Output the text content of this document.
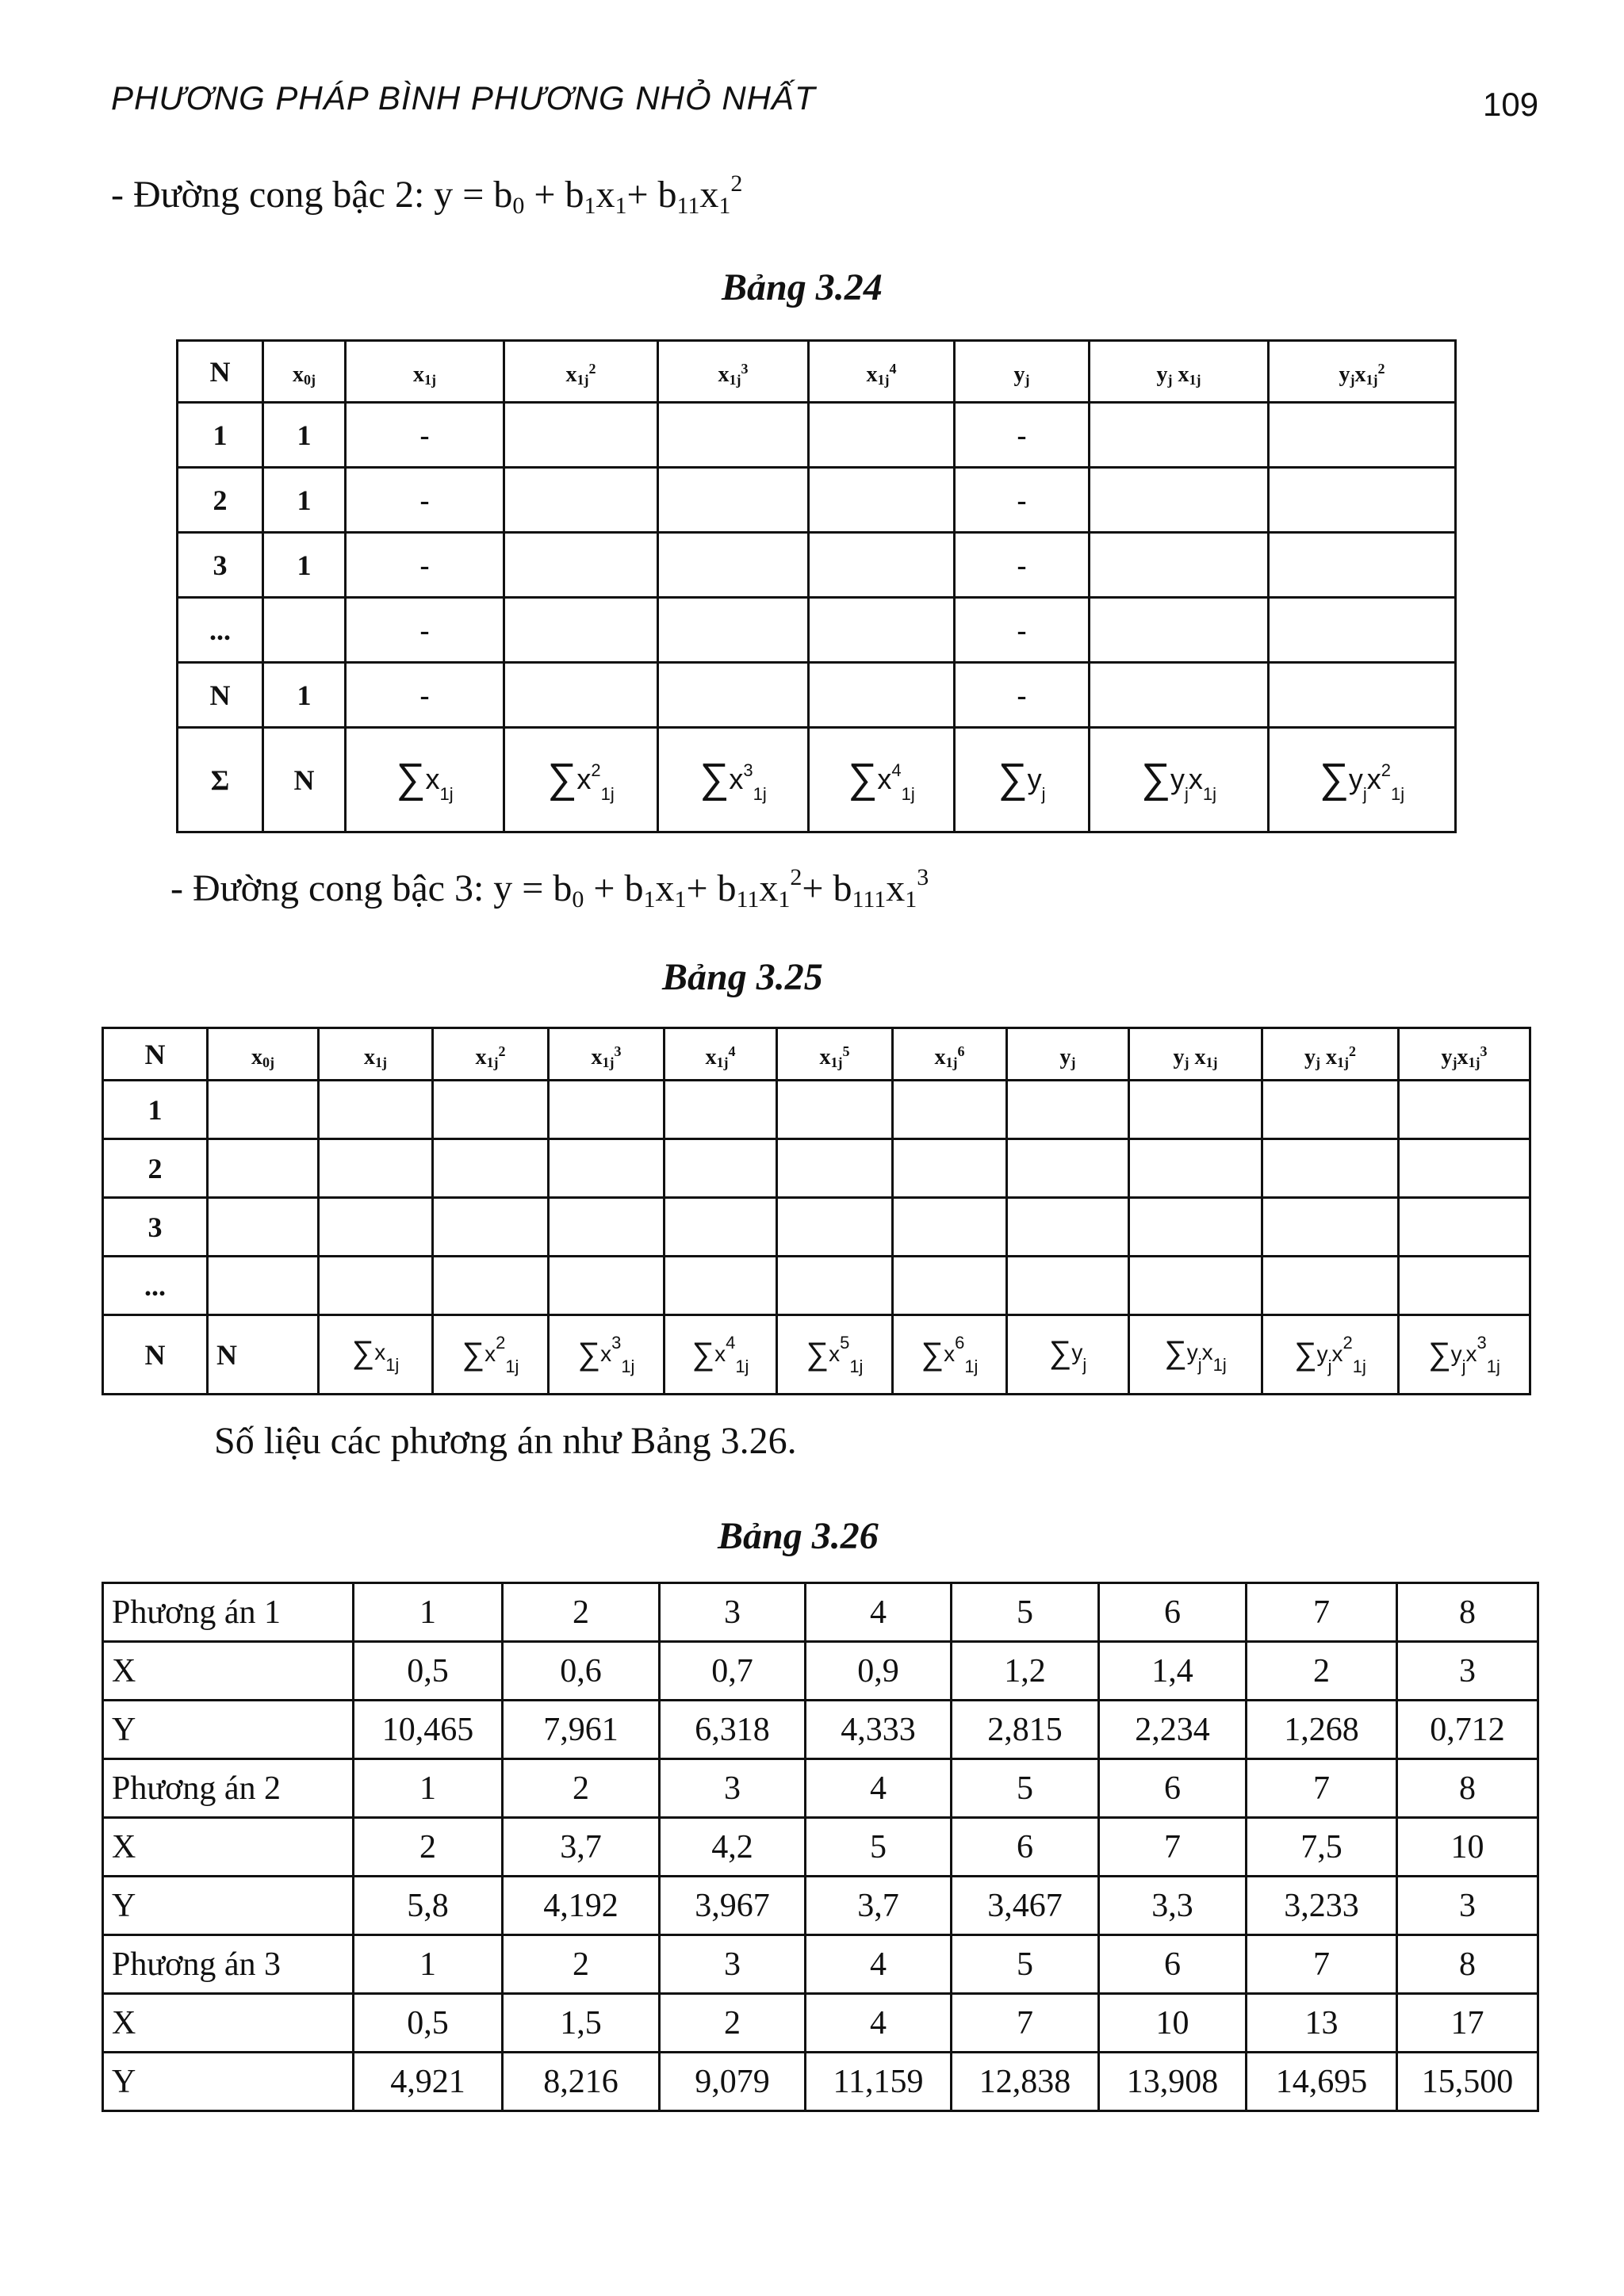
PHƯƠNG PHÁP BÌNH PHƯƠNG NHỎ NHẤT	109
- Đường cong bậc 2: $y = b_0 + b_1x_1+ b_{11}x_1^2$
Bảng 3.24
N	$x_{0j}$	$x_{1j}$	$x_{1j}^2$	$x_{1j}^3$	$x_{1j}^4$	$y_j$	$y_j$ $x_{1j}$	$y_jx_{1j}^2$
1	1	-				-		
2	1	-				-		
3	1	-				-		
...		-				-		
N	1	-				-		
Σ	N	$\sum x_{1j}$	$\sum x^2_{1j}$	$\sum x^3_{1j}$	$\sum x^4_{1j}$	$\sum y_j$	$\sum y_jx_{1j}$	$\sum y_jx^2_{1j}$
- Đường cong bậc 3: $y = b_0 + b_1x_1+ b_{11}x_1^2+ b_{111}x_1^3$
Bảng 3.25
N	$x_{0j}$	$x_{1j}$	$x_{1j}^2$	$x_{1j}^3$	$x_{1j}^4$	$x_{1j}^5$	$x_{1j}^6$	$y_j$	$y_j$ $x_{1j}$	$y_j$ $x_{1j}^2$	$y_jx_{1j}^3$
1											
2											
3											
...											
N	N	$\sum x_{1j}$	$\sum x^2_{1j}$	$\sum x^3_{1j}$	$\sum x^4_{1j}$	$\sum x^5_{1j}$	$\sum x^6_{1j}$	$\sum y_j$	$\sum y_jx_{1j}$	$\sum y_jx^2_{1j}$	$\sum y_jx^3_{1j}$
Số liệu các phương án như Bảng 3.26.
Bảng 3.26
Phương án 1	1	2	3	4	5	6	7	8
X	0,5	0,6	0,7	0,9	1,2	1,4	2	3
Y	10,465	7,961	6,318	4,333	2,815	2,234	1,268	0,712
Phương án 2	1	2	3	4	5	6	7	8
X	2	3,7	4,2	5	6	7	7,5	10
Y	5,8	4,192	3,967	3,7	3,467	3,3	3,233	3
Phương án 3	1	2	3	4	5	6	7	8
X	0,5	1,5	2	4	7	10	13	17
Y	4,921	8,216	9,079	11,159	12,838	13,908	14,695	15,500
